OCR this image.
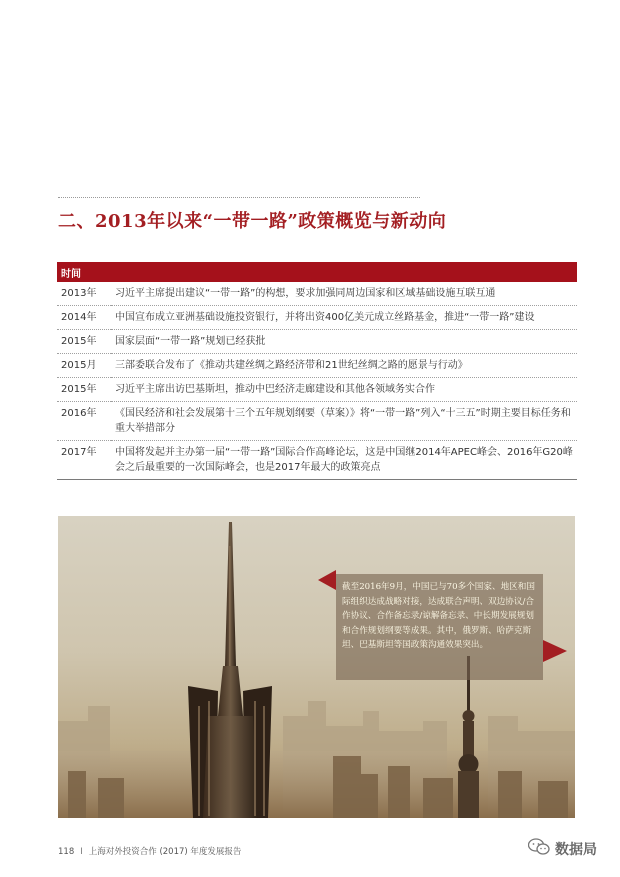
二、2013年以来“一带一路”政策概览与新动向
时间	
2013年	习近平主席提出建议“一带一路”的构想，要求加强同周边国家和区域基础设施互联互通
2014年	中国宣布成立亚洲基础设施投资银行，并将出资400亿美元成立丝路基金，推进“一带一路”建设
2015年	国家层面“一带一路”规划已经获批
2015月	三部委联合发布了《推动共建丝绸之路经济带和21世纪丝绸之路的愿景与行动》
2015年	习近平主席出访巴基斯坦，推动中巴经济走廊建设和其他各领域务实合作
2016年	《国民经济和社会发展第十三个五年规划纲要（草案）》将“一带一路”列入“十三五”时期主要目标任务和重大举措部分
2017年	中国将发起并主办第一届“一带一路”国际合作高峰论坛，这是中国继2014年APEC峰会、2016年G20峰会之后最重要的一次国际峰会，也是2017年最大的政策亮点
截至2016年9月，中国已与70多个国家、地区和国际组织达成战略对接，达成联合声明、双边协议/合作协议、合作备忘录/谅解备忘录、中长期发展规划和合作规划纲要等成果。其中，俄罗斯、哈萨克斯坦、巴基斯坦等国政策沟通效果突出。
118 I 上海对外投资合作 (2017) 年度发展报告	数据局
